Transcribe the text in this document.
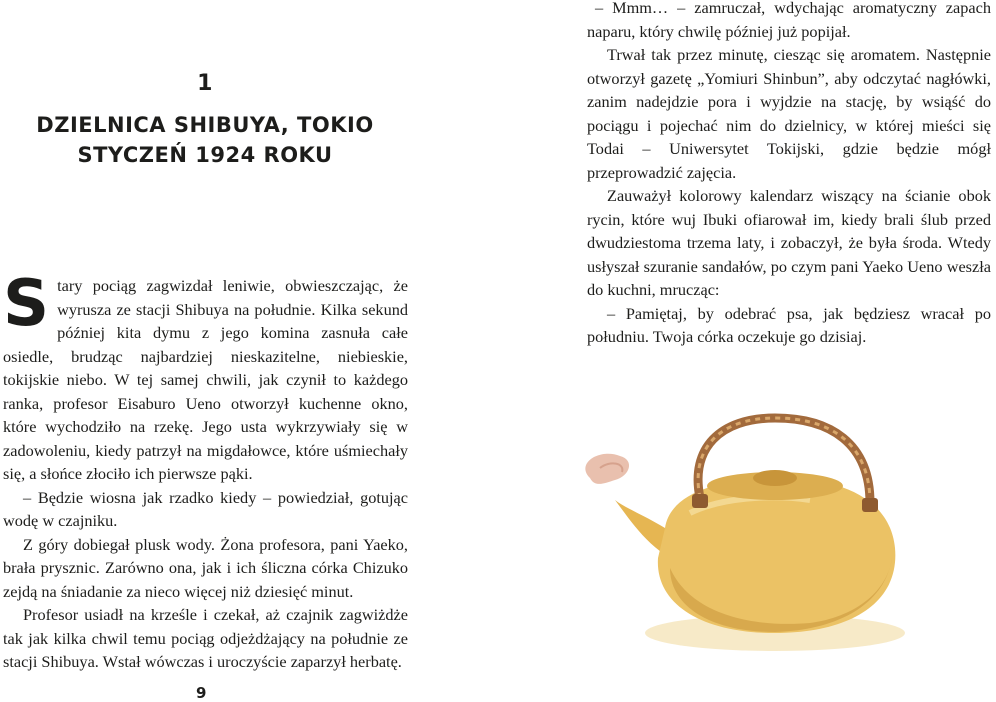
1
DZIELNICA SHIBUYA, TOKIO
STYCZEŃ 1924 ROKU

Stary pociąg zagwizdał leniwie, obwieszczając, że wyrusza ze stacji Shibuya na południe. Kilka sekund później kita dymu z jego komina zasnuła całe osiedle, brudząc najbardziej nieskazitelne, niebieskie, tokijskie niebo. W tej samej chwili, jak czynił to każdego ranka, profesor Eisaburo Ueno otworzył kuchenne okno, które wychodziło na rzekę. Jego usta wykrzywiały się w zadowoleniu, kiedy patrzył na migdałowce, które uśmiechały się, a słońce złociło ich pierwsze pąki.

– Będzie wiosna jak rzadko kiedy – powiedział, gotując wodę w czajniku.

Z góry dobiegał plusk wody. Żona profesora, pani Yaeko, brała prysznic. Zarówno ona, jak i ich śliczna córka Chizuko zejdą na śniadanie za nieco więcej niż dziesięć minut.

Profesor usiadł na krześle i czekał, aż czajnik zagwiżdże tak jak kilka chwil temu pociąg odjeżdżający na południe ze stacji Shibuya. Wstał wówczas i uroczyście zaparzył herbatę.

9

– Mmm… – zamruczał, wdychając aromatyczny zapach naparu, który chwilę później już popijał.

Trwał tak przez minutę, ciesząc się aromatem. Następnie otworzył gazetę „Yomiuri Shinbun”, aby odczytać nagłówki, zanim nadejdzie pora i wyjdzie na stację, by wsiąść do pociągu i pojechać nim do dzielnicy, w której mieści się Todai – Uniwersytet Tokijski, gdzie będzie mógł przeprowadzić zajęcia.

Zauważył kolorowy kalendarz wiszący na ścianie obok rycin, które wuj Ibuki ofiarował im, kiedy brali ślub przed dwudziestoma trzema laty, i zobaczył, że była środa. Wtedy usłyszał szuranie sandałów, po czym pani Yaeko Ueno weszła do kuchni, mrucząc:

– Pamiętaj, by odebrać psa, jak będziesz wracał po południu. Twoja córka oczekuje go dzisiaj.
